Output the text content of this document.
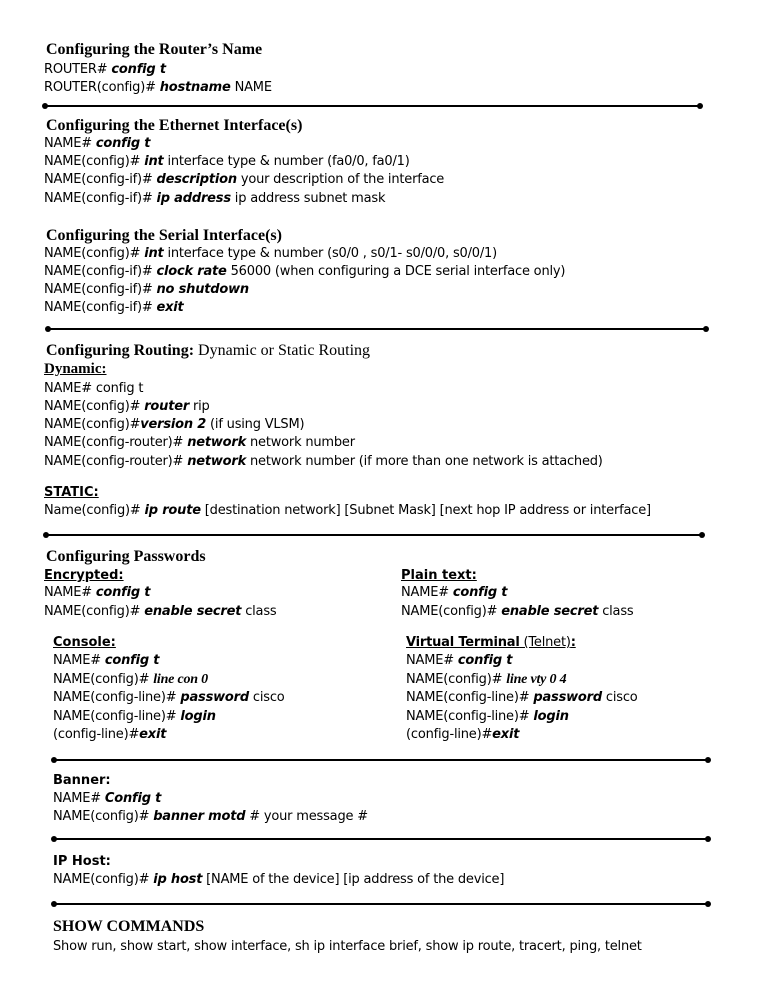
Configuring the Router’s Name
ROUTER# config t
ROUTER(config)# hostname NAME
Configuring the Ethernet Interface(s)
NAME# config t
NAME(config)# int interface type & number (fa0/0, fa0/1)
NAME(config-if)# description your description of the interface
NAME(config-if)# ip address ip address subnet mask
Configuring the Serial Interface(s)
NAME(config)# int interface type & number (s0/0 , s0/1- s0/0/0, s0/0/1)
NAME(config-if)# clock rate 56000 (when configuring a DCE serial interface only)
NAME(config-if)# no shutdown
NAME(config-if)# exit
Configuring Routing: Dynamic or Static Routing
Dynamic:
NAME# config t
NAME(config)# router rip
NAME(config)#version 2 (if using VLSM)
NAME(config-router)# network network number
NAME(config-router)# network network number (if more than one network is attached)
STATIC:
Name(config)# ip route [destination network] [Subnet Mask] [next hop IP address or interface]
Configuring Passwords
Encrypted:
NAME# config t
NAME(config)# enable secret class
Plain text:
NAME# config t
NAME(config)# enable secret class
Console:
NAME# config t
NAME(config)# line con 0
NAME(config-line)# password cisco
NAME(config-line)# login
(config-line)#exit
Virtual Terminal (Telnet):
NAME# config t
NAME(config)# line vty 0 4
NAME(config-line)# password cisco
NAME(config-line)# login
(config-line)#exit
Banner:
NAME# Config t
NAME(config)# banner motd # your message #
IP Host:
NAME(config)# ip host [NAME of the device] [ip address of the device]
SHOW COMMANDS
Show run, show start, show interface, sh ip interface brief, show ip route, tracert, ping, telnet
